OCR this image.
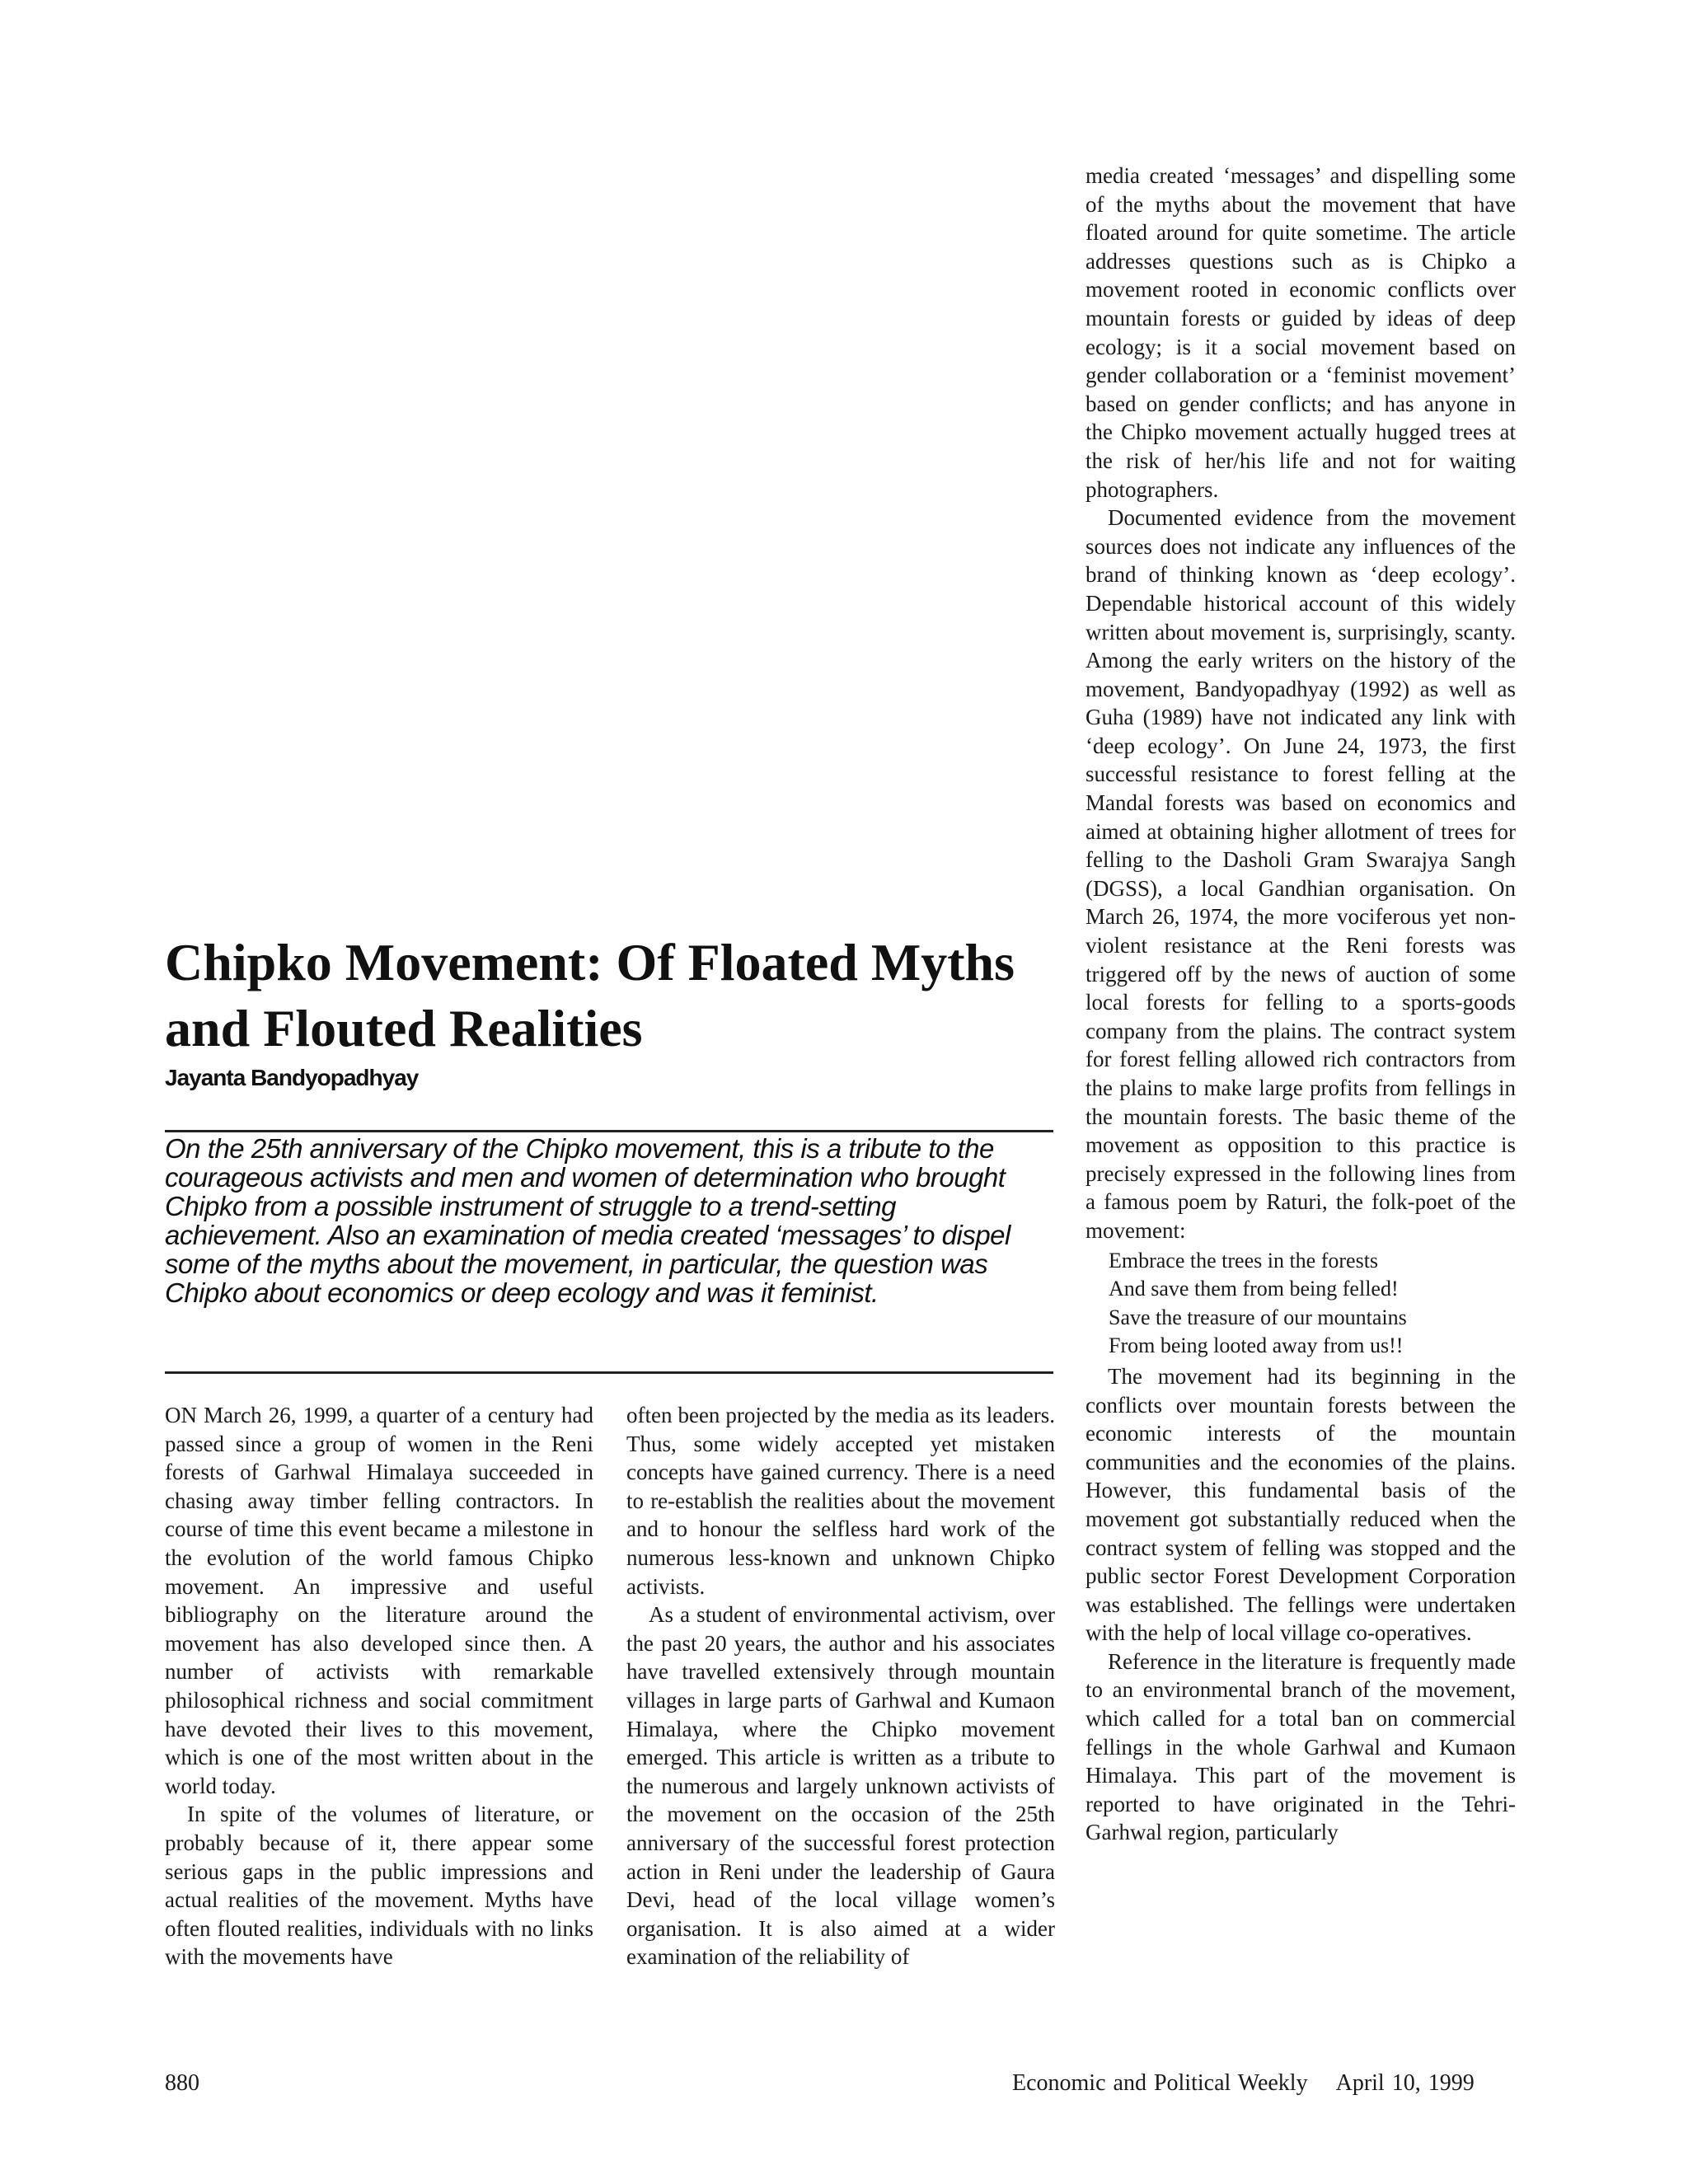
Chipko Movement: Of Floated Myths
and Flouted Realities
Jayanta Bandyopadhyay

On the 25th anniversary of the Chipko movement, this is a tribute to the courageous activists and men and women of determination who brought Chipko from a possible instrument of struggle to a trend-setting achievement. Also an examination of media created ‘messages’ to dispel some of the myths about the movement, in particular, the question was Chipko about economics or deep ecology and was it feminist.

ON March 26, 1999, a quarter of a century had passed since a group of women in the Reni forests of Garhwal Himalaya succeeded in chasing away timber felling contractors. In course of time this event became a milestone in the evolution of the world famous Chipko movement. An impressive and useful bibliography on the literature around the movement has also developed since then. A number of activists with remarkable philosophical richness and social commitment have devoted their lives to this movement, which is one of the most written about in the world today.

In spite of the volumes of literature, or probably because of it, there appear some serious gaps in the public impressions and actual realities of the movement. Myths have often flouted realities, individuals with no links with the movements have

often been projected by the media as its leaders. Thus, some widely accepted yet mistaken concepts have gained currency. There is a need to re-establish the realities about the movement and to honour the selfless hard work of the numerous less-known and unknown Chipko activists.

As a student of environmental activism, over the past 20 years, the author and his associates have travelled extensively through mountain villages in large parts of Garhwal and Kumaon Himalaya, where the Chipko movement emerged. This article is written as a tribute to the numerous and largely unknown activists of the movement on the occasion of the 25th anniversary of the successful forest protection action in Reni under the leadership of Gaura Devi, head of the local village women’s organisation. It is also aimed at a wider examination of the reliability of

media created ‘messages’ and dispelling some of the myths about the movement that have floated around for quite sometime. The article addresses questions such as is Chipko a movement rooted in economic conflicts over mountain forests or guided by ideas of deep ecology; is it a social movement based on gender collaboration or a ‘feminist movement’ based on gender conflicts; and has anyone in the Chipko movement actually hugged trees at the risk of her/his life and not for waiting photographers.

Documented evidence from the movement sources does not indicate any influences of the brand of thinking known as ‘deep ecology’. Dependable historical account of this widely written about movement is, surprisingly, scanty. Among the early writers on the history of the movement, Bandyopadhyay (1992) as well as Guha (1989) have not indicated any link with ‘deep ecology’. On June 24, 1973, the first successful resistance to forest felling at the Mandal forests was based on economics and aimed at obtaining higher allotment of trees for felling to the Dasholi Gram Swarajya Sangh (DGSS), a local Gandhian organisation. On March 26, 1974, the more vociferous yet non-violent resistance at the Reni forests was triggered off by the news of auction of some local forests for felling to a sports-goods company from the plains. The contract system for forest felling allowed rich contractors from the plains to make large profits from fellings in the mountain forests. The basic theme of the movement as opposition to this practice is precisely expressed in the following lines from a famous poem by Raturi, the folk-poet of the movement:

Embrace the trees in the forests
And save them from being felled!
Save the treasure of our mountains
From being looted away from us!!

The movement had its beginning in the conflicts over mountain forests between the economic interests of the mountain communities and the economies of the plains. However, this fundamental basis of the movement got substantially reduced when the contract system of felling was stopped and the public sector Forest Development Corporation was established. The fellings were undertaken with the help of local village co-operatives.

Reference in the literature is frequently made to an environmental branch of the movement, which called for a total ban on commercial fellings in the whole Garhwal and Kumaon Himalaya. This part of the movement is reported to have originated in the Tehri-Garhwal region, particularly

880	Economic and Political Weekly April 10, 1999
